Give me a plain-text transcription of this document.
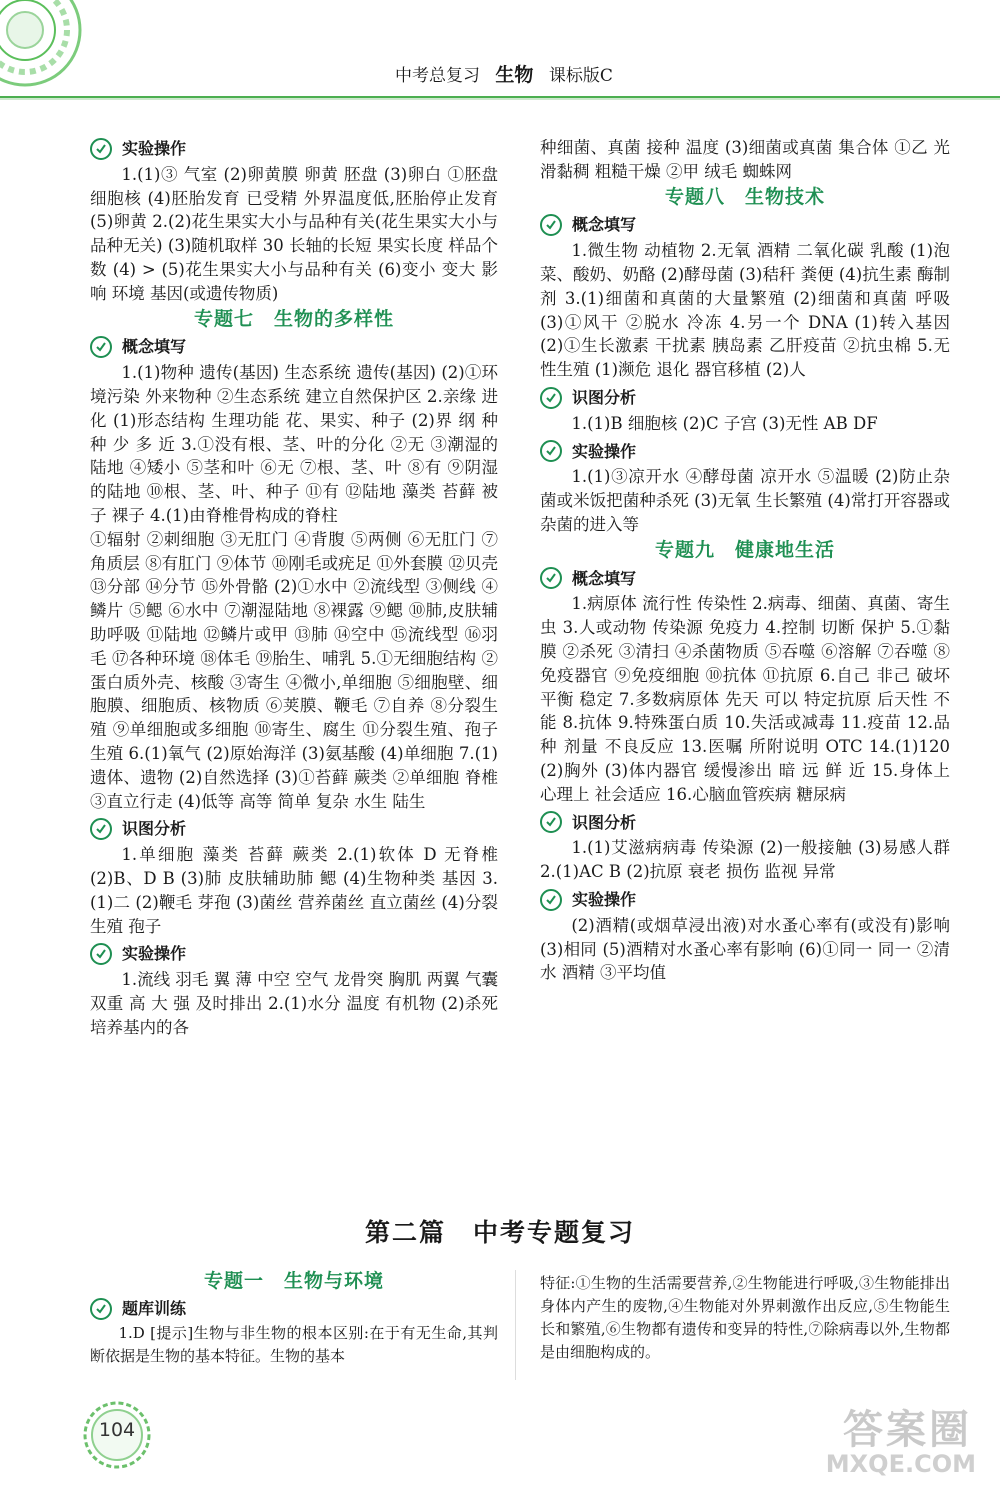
中考总复习 生物 课标版C
实验操作

1.(1)③ 气室 (2)卵黄膜 卵黄 胚盘 (3)卵白 ①胚盘 细胞核 (4)胚胎发育 已受精 外界温度低,胚胎停止发育 (5)卵黄 2.(2)花生果实大小与品种有关(花生果实大小与品种无关) (3)随机取样 30 长轴的长短 果实长度 样品个数 (4) > (5)花生果实大小与品种有关 (6)变小 变大 影响 环境 基因(或遗传物质)

专题七　生物的多样性
概念填写

1.(1)物种 遗传(基因) 生态系统 遗传(基因) (2)①环境污染 外来物种 ②生态系统 建立自然保护区 2.亲缘 进化 (1)形态结构 生理功能 花、果实、种子 (2)界 纲 种 种 少 多 近 3.①没有根、茎、叶的分化 ②无 ③潮湿的陆地 ④矮小 ⑤茎和叶 ⑥无 ⑦根、茎、叶 ⑧有 ⑨阴湿的陆地 ⑩根、茎、叶、种子 ⑪有 ⑫陆地 藻类 苔藓 被子 裸子 4.(1)由脊椎骨构成的脊柱

①辐射 ②刺细胞 ③无肛门 ④背腹 ⑤两侧 ⑥无肛门 ⑦角质层 ⑧有肛门 ⑨体节 ⑩刚毛或疣足 ⑪外套膜 ⑫贝壳 ⑬分部 ⑭分节 ⑮外骨骼 (2)①水中 ②流线型 ③侧线 ④鳞片 ⑤鳃 ⑥水中 ⑦潮湿陆地 ⑧裸露 ⑨鳃 ⑩肺,皮肤辅助呼吸 ⑪陆地 ⑫鳞片或甲 ⑬肺 ⑭空中 ⑮流线型 ⑯羽毛 ⑰各种环境 ⑱体毛 ⑲胎生、哺乳 5.①无细胞结构 ②蛋白质外壳、核酸 ③寄生 ④微小,单细胞 ⑤细胞壁、细胞膜、细胞质、核物质 ⑥荚膜、鞭毛 ⑦自养 ⑧分裂生殖 ⑨单细胞或多细胞 ⑩寄生、腐生 ⑪分裂生殖、孢子生殖 6.(1)氧气 (2)原始海洋 (3)氨基酸 (4)单细胞 7.(1)遗体、遗物 (2)自然选择 (3)①苔藓 蕨类 ②单细胞 脊椎 ③直立行走 (4)低等 高等 简单 复杂 水生 陆生

识图分析

1.单细胞 藻类 苔藓 蕨类 2.(1)软体 D 无脊椎 (2)B、D B (3)肺 皮肤辅助肺 鳃 (4)生物种类 基因 3.(1)二 (2)鞭毛 芽孢 (3)菌丝 营养菌丝 直立菌丝 (4)分裂生殖 孢子

实验操作

1.流线 羽毛 翼 薄 中空 空气 龙骨突 胸肌 两翼 气囊 双重 高 大 强 及时排出 2.(1)水分 温度 有机物 (2)杀死培养基内的各

种细菌、真菌 接种 温度 (3)细菌或真菌 集合体 ①乙 光滑黏稠 粗糙干燥 ②甲 绒毛 蜘蛛网

专题八　生物技术
概念填写

1.微生物 动植物 2.无氧 酒精 二氧化碳 乳酸 (1)泡菜、酸奶、奶酪 (2)酵母菌 (3)秸秆 粪便 (4)抗生素 酶制剂 3.(1)细菌和真菌的大量繁殖 (2)细菌和真菌 呼吸 (3)①风干 ②脱水 冷冻 4.另一个 DNA (1)转入基因 (2)①生长激素 干扰素 胰岛素 乙肝疫苗 ②抗虫棉 5.无性生殖 (1)濒危 退化 器官移植 (2)人

识图分析

1.(1)B 细胞核 (2)C 子宫 (3)无性 AB DF

实验操作

1.(1)③凉开水 ④酵母菌 凉开水 ⑤温暖 (2)防止杂菌或米饭把菌种杀死 (3)无氧 生长繁殖 (4)常打开容器或杂菌的进入等

专题九　健康地生活
概念填写

1.病原体 流行性 传染性 2.病毒、细菌、真菌、寄生虫 3.人或动物 传染源 免疫力 4.控制 切断 保护 5.①黏膜 ②杀死 ③清扫 ④杀菌物质 ⑤吞噬 ⑥溶解 ⑦吞噬 ⑧免疫器官 ⑨免疫细胞 ⑩抗体 ⑪抗原 6.自己 非己 破坏 平衡 稳定 7.多数病原体 先天 可以 特定抗原 后天性 不能 8.抗体 9.特殊蛋白质 10.失活或减毒 11.疫苗 12.品种 剂量 不良反应 13.医嘱 所附说明 OTC 14.(1)120 (2)胸外 (3)体内器官 缓慢渗出 暗 远 鲜 近 15.身体上 心理上 社会适应 16.心脑血管疾病 糖尿病

识图分析

1.(1)艾滋病病毒 传染源 (2)一般接触 (3)易感人群 2.(1)AC B (2)抗原 衰老 损伤 监视 异常

实验操作

(2)酒精(或烟草浸出液)对水蚤心率有(或没有)影响 (3)相同 (5)酒精对水蚤心率有影响 (6)①同一 同一 ②清水 酒精 ③平均值

第二篇　中考专题复习
专题一　生物与环境
题库训练

1.D [提示]生物与非生物的根本区别:在于有无生命,其判断依据是生物的基本特征。生物的基本

特征:①生物的生活需要营养,②生物能进行呼吸,③生物能排出身体内产生的废物,④生物能对外界刺激作出反应,⑤生物能生长和繁殖,⑥生物都有遗传和变异的特性,⑦除病毒以外,生物都是由细胞构成的。

104	答案圈
MXQE.COM
